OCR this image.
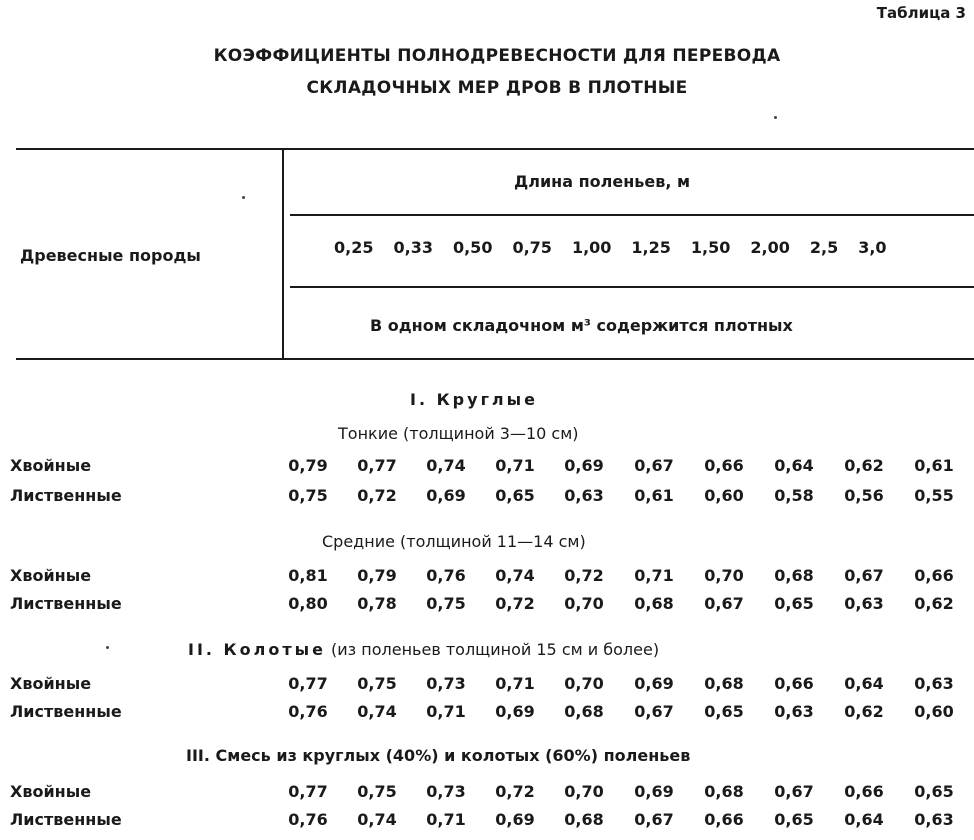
Таблица 3
КОЭФФИЦИЕНТЫ ПОЛНОДРЕВЕСНОСТИ ДЛЯ ПЕРЕВОДА
СКЛАДОЧНЫХ МЕР ДРОВ В ПЛОТНЫЕ
Древесные породы
Длина поленьев, м
0,25 0,33 0,50 0,75 1,00 1,25 1,50 2,00 2,5 3,0
В одном складочном м³ содержится плотных
I. Круглые
Тонкие (толщиной 3—10 см)
Хвойные	0,79	0,77	0,74	0,71	0,69	0,67	0,66	0,64	0,62	0,61
Лиственные	0,75	0,72	0,69	0,65	0,63	0,61	0,60	0,58	0,56	0,55
Средние (толщиной 11—14 см)
Хвойные	0,81	0,79	0,76	0,74	0,72	0,71	0,70	0,68	0,67	0,66
Лиственные	0,80	0,78	0,75	0,72	0,70	0,68	0,67	0,65	0,63	0,62
II. Колотые (из поленьев толщиной 15 см и более)
Хвойные	0,77	0,75	0,73	0,71	0,70	0,69	0,68	0,66	0,64	0,63
Лиственные	0,76	0,74	0,71	0,69	0,68	0,67	0,65	0,63	0,62	0,60
III. Смесь из круглых (40%) и колотых (60%) поленьев
Хвойные	0,77	0,75	0,73	0,72	0,70	0,69	0,68	0,67	0,66	0,65
Лиственные	0,76	0,74	0,71	0,69	0,68	0,67	0,66	0,65	0,64	0,63
